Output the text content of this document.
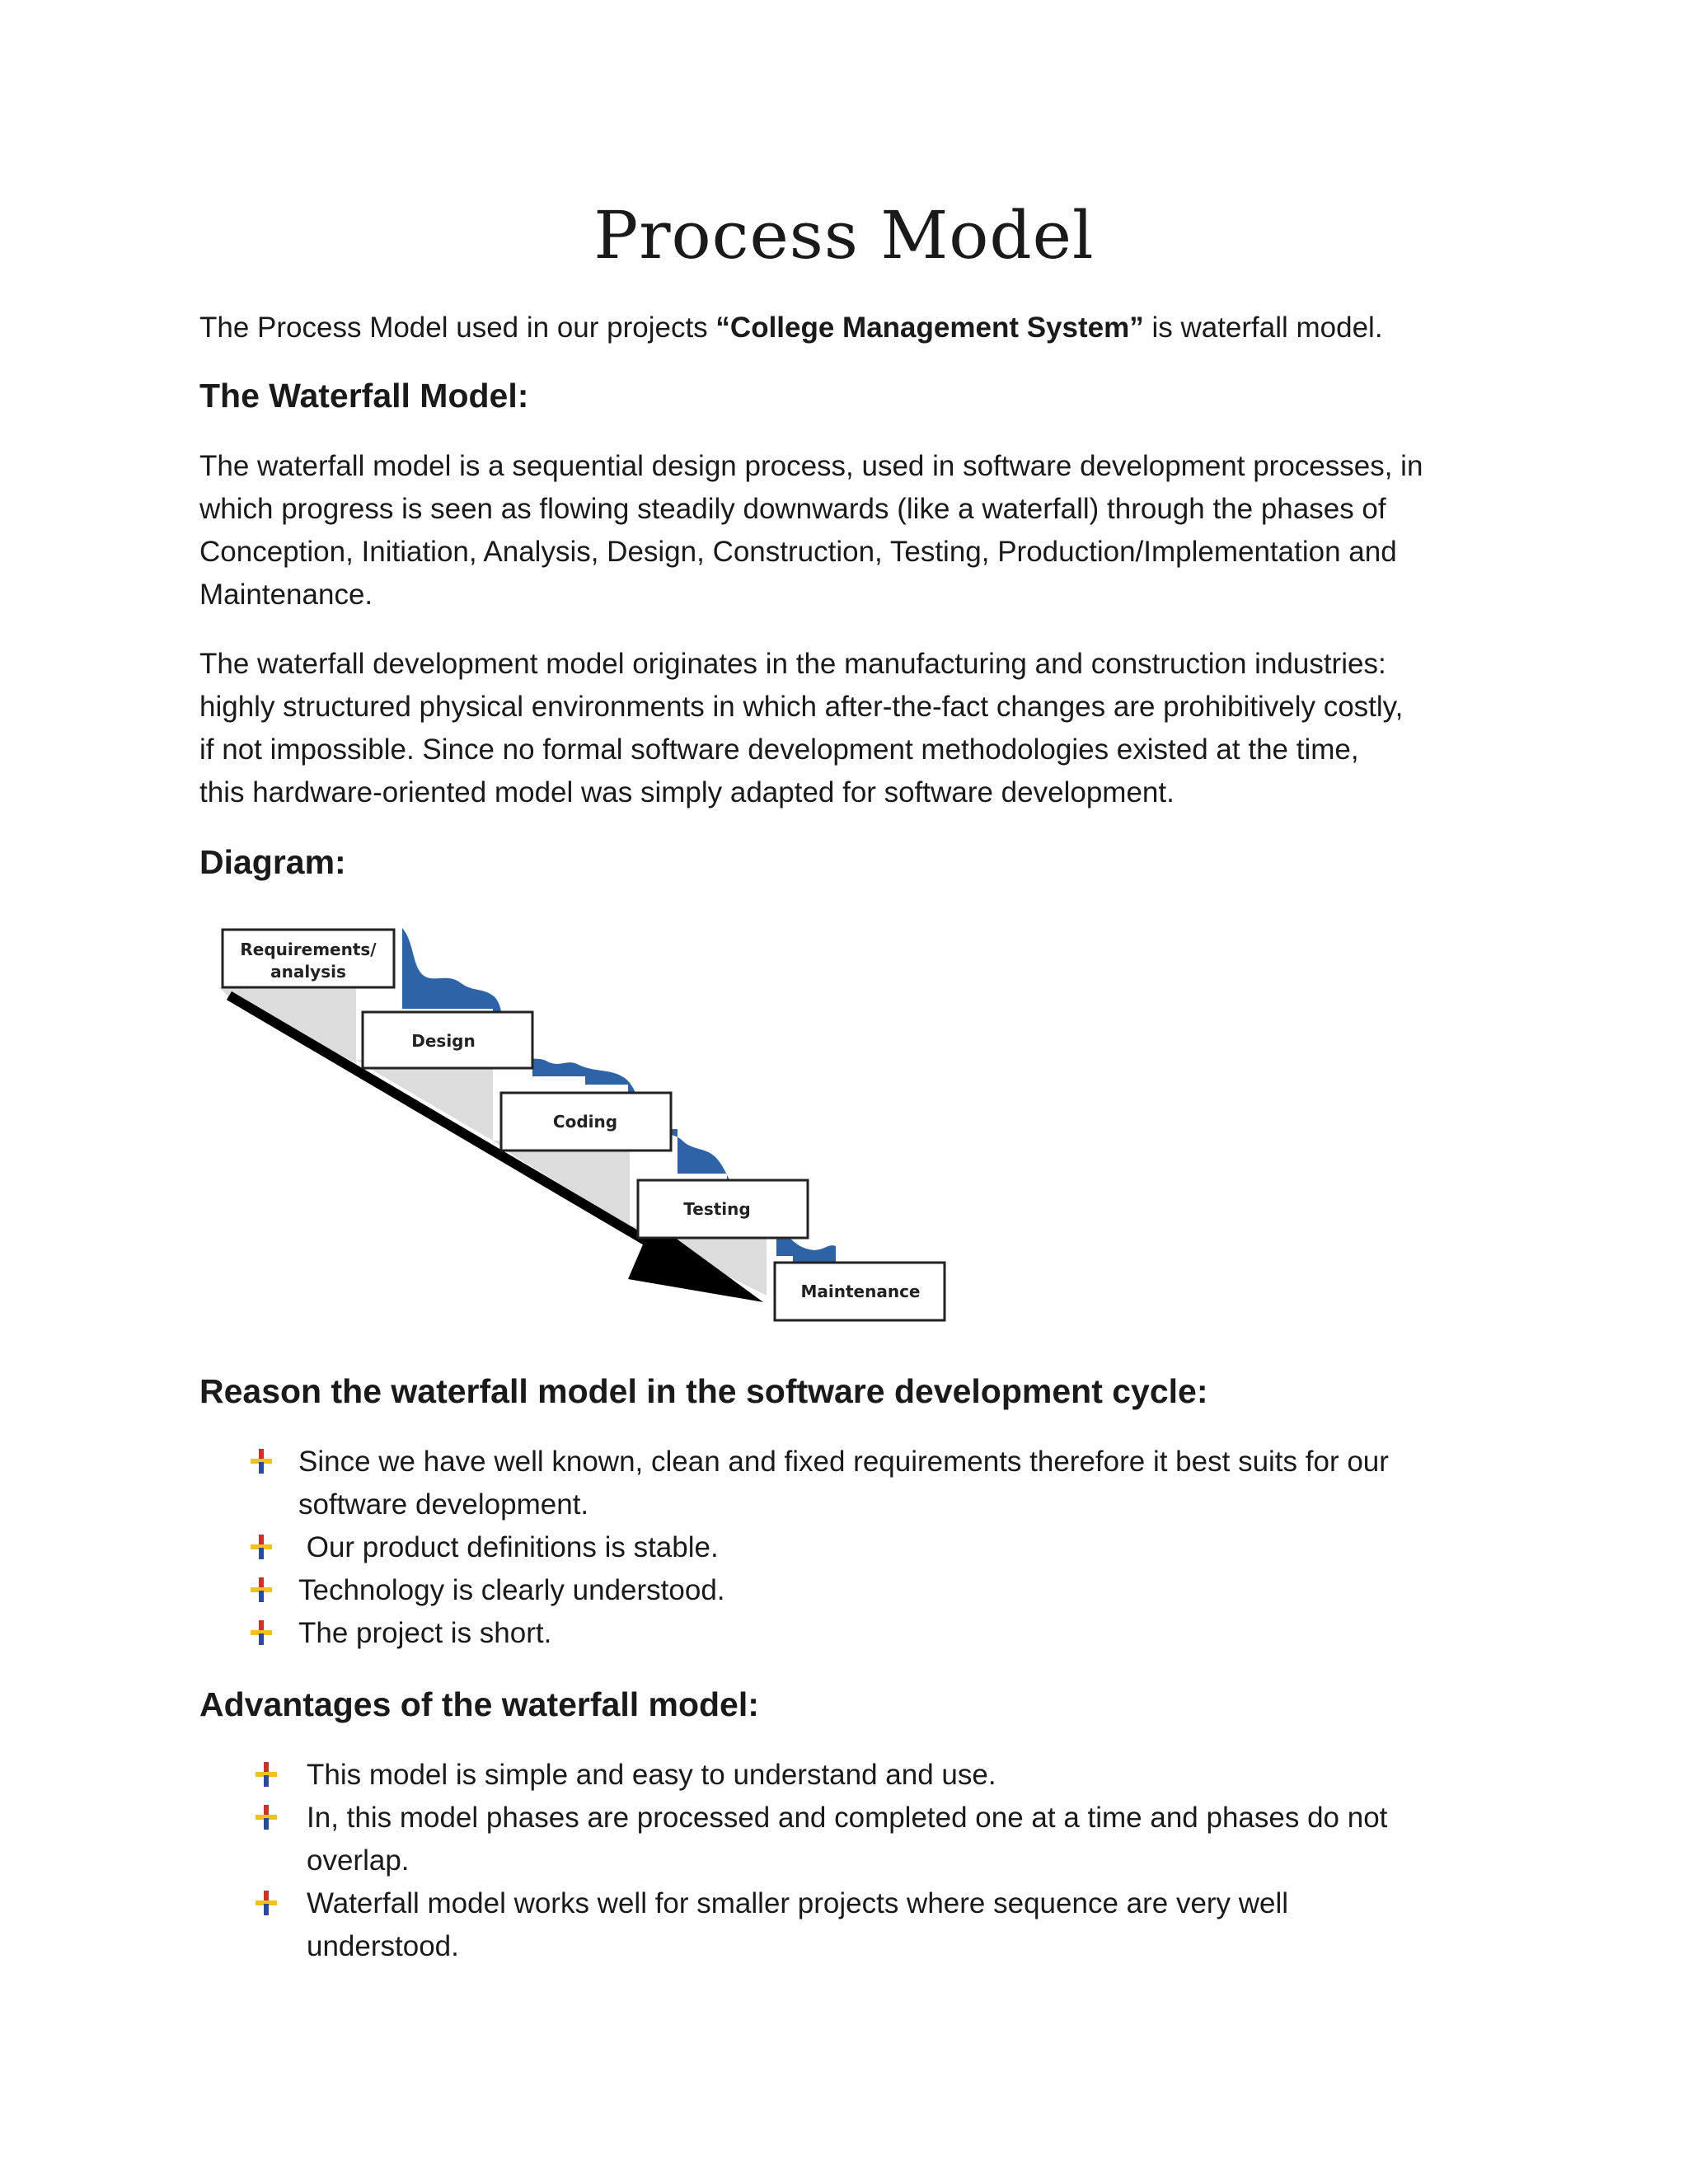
Process Model

The Process Model used in our projects “College Management System” is waterfall model.

The Waterfall Model:
The waterfall model is a sequential design process, used in software development processes, in
which progress is seen as flowing steadily downwards (like a waterfall) through the phases of
Conception, Initiation, Analysis, Design, Construction, Testing, Production/Implementation and
Maintenance.
The waterfall development model originates in the manufacturing and construction industries:
highly structured physical environments in which after-the-fact changes are prohibitively costly,
if not impossible. Since no formal software development methodologies existed at the time,
this hardware-oriented model was simply adapted for software development.
Diagram:
Requirements/
analysis
Design
Coding
Testing
Maintenance
Reason the waterfall model in the software development cycle:
Since we have well known, clean and fixed requirements therefore it best suits for our
software development.
Our product definitions is stable.
Technology is clearly understood.
The project is short.
Advantages of the waterfall model:
This model is simple and easy to understand and use.
In, this model phases are processed and completed one at a time and phases do not
overlap.
Waterfall model works well for smaller projects where sequence are very well
understood.
